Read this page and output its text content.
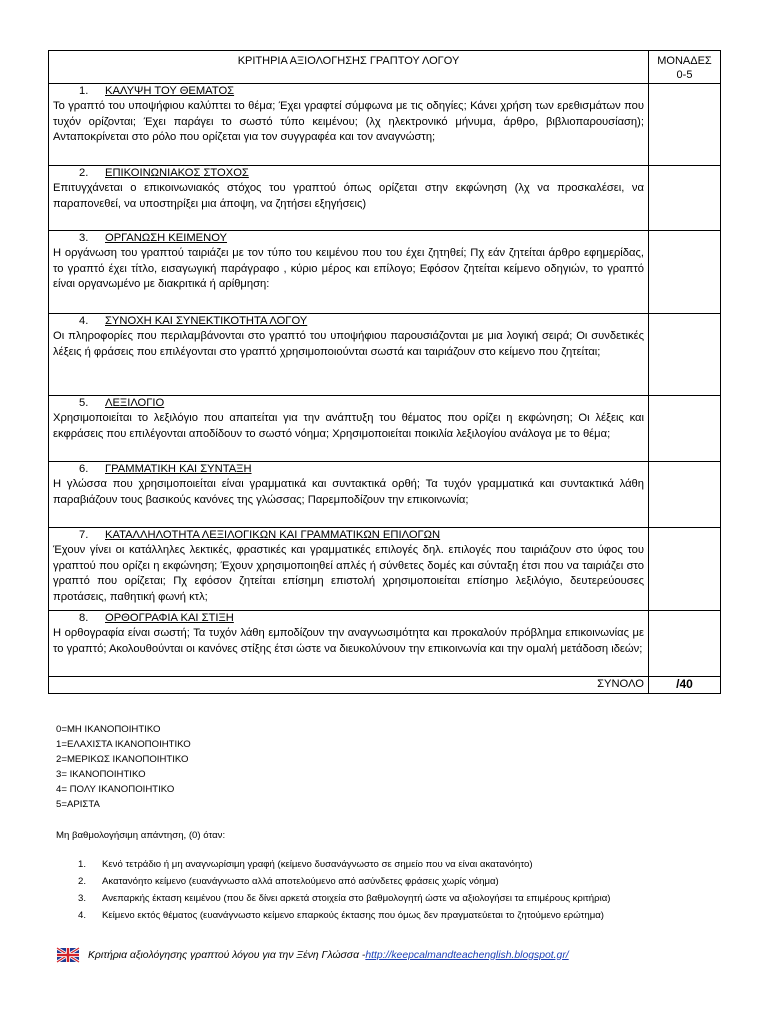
ΚΡΙΤΗΡΙΑ ΑΞΙΟΛΟΓΗΣΗΣ ΓΡΑΠΤΟΥ ΛΟΓΟΥ	ΜΟΝΑΔΕΣ
0-5

1. ΚΑΛΥΨΗ ΤΟΥ ΘΕΜΑΤΟΣ

Το γραπτό του υποψήφιου καλύπτει το θέμα; Έχει γραφτεί σύμφωνα με τις οδηγίες; Κάνει χρήση των ερεθισμάτων που τυχόν ορίζονται; Έχει παράγει το σωστό τύπο κειμένου; (λχ ηλεκτρονικό μήνυμα, άρθρο, βιβλιοπαρουσίαση); Ανταποκρίνεται στο ρόλο που ορίζεται για τον συγγραφέα και τον αναγνώστη;	

2. ΕΠΙΚΟΙΝΩΝΙΑΚΟΣ ΣΤΟΧΟΣ

Επιτυγχάνεται ο επικοινωνιακός στόχος του γραπτού όπως ορίζεται στην εκφώνηση (λχ να προσκαλέσει, να παραπονεθεί, να υποστηρίξει μια άποψη, να ζητήσει εξηγήσεις)	

3. ΟΡΓΑΝΩΣΗ ΚΕΙΜΕΝΟΥ

Η οργάνωση του γραπτού ταιριάζει με τον τύπο του κειμένου που του έχει ζητηθεί; Πχ εάν ζητείται άρθρο εφημερίδας, το γραπτό έχει τίτλο, εισαγωγική παράγραφο , κύριο μέρος και επίλογο; Εφόσον ζητείται κείμενο οδηγιών, το γραπτό είναι οργανωμένο με διακριτικά ή αρίθμηση:	

4. ΣΥΝΟΧΗ ΚΑΙ ΣΥΝΕΚΤΙΚΟΤΗΤΑ ΛΟΓΟΥ

Οι πληροφορίες που περιλαμβάνονται στο γραπτό του υποψήφιου παρουσιάζονται με μια λογική σειρά; Οι συνδετικές λέξεις ή φράσεις που επιλέγονται στο γραπτό χρησιμοποιούνται σωστά και ταιριάζουν στο κείμενο που ζητείται;	

5. ΛΕΞΙΛΟΓΙΟ

Χρησιμοποιείται το λεξιλόγιο που απαιτείται για την ανάπτυξη του θέματος που ορίζει η εκφώνηση; Οι λέξεις και εκφράσεις που επιλέγονται αποδίδουν το σωστό νόημα; Χρησιμοποιείται ποικιλία λεξιλογίου ανάλογα με το θέμα;	

6. ΓΡΑΜΜΑΤΙΚΗ ΚΑΙ ΣΥΝΤΑΞΗ

Η γλώσσα που χρησιμοποιείται είναι γραμματικά και συντακτικά ορθή; Τα τυχόν γραμματικά και συντακτικά λάθη παραβιάζουν τους βασικούς κανόνες της γλώσσας; Παρεμποδίζουν την επικοινωνία;	

7. ΚΑΤΑΛΛΗΛΟΤΗΤΑ ΛΕΞΙΛΟΓΙΚΩΝ ΚΑΙ ΓΡΑΜΜΑΤΙΚΩΝ ΕΠΙΛΟΓΩΝ

Έχουν γίνει οι κατάλληλες λεκτικές, φραστικές και γραμματικές επιλογές δηλ. επιλογές που ταιριάζουν στο ύφος του γραπτού που ορίζει η εκφώνηση; Έχουν χρησιμοποιηθεί απλές ή σύνθετες δομές και σύνταξη έτσι που να ταιριάζει στο γραπτό που ορίζεται; Πχ εφόσον ζητείται επίσημη επιστολή χρησιμοποιείται επίσημο λεξιλόγιο, δευτερεύουσες προτάσεις, παθητική φωνή κτλ;	

8. ΟΡΘΟΓΡΑΦΙΑ ΚΑΙ ΣΤΙΞΗ

Η ορθογραφία είναι σωστή; Τα τυχόν λάθη εμποδίζουν την αναγνωσιμότητα και προκαλούν πρόβλημα επικοινωνίας με το γραπτό; Ακολουθούνται οι κανόνες στίξης έτσι ώστε να διευκολύνουν την επικοινωνία και την ομαλή μετάδοση ιδεών;	

ΣΥΝΟΛΟ	/40
0=ΜΗ ΙΚΑΝΟΠΟΙΗΤΙΚΟ
1=ΕΛΑΧΙΣΤΑ ΙΚΑΝΟΠΟΙΗΤΙΚΟ
2=ΜΕΡΙΚΩΣ ΙΚΑΝΟΠΟΙΗΤΙΚΟ
3= ΙΚΑΝΟΠΟΙΗΤΙΚΟ
4= ΠΟΛΥ ΙΚΑΝΟΠΟΙΗΤΙΚΟ
5=ΑΡΙΣΤΑ
Μη βαθμολογήσιμη απάντηση, (0) όταν:
1.	Κενό τετράδιο ή μη αναγνωρίσιμη γραφή (κείμενο δυσανάγνωστο σε σημείο που να είναι ακατανόητο)
2.	Ακατανόητο κείμενο (ευανάγνωστο αλλά αποτελούμενο από ασύνδετες φράσεις χωρίς νόημα)
3.	Ανεπαρκής έκταση κειμένου (που δε δίνει αρκετά στοιχεία στο βαθμολογητή ώστε να αξιολογήσει τα επιμέρους κριτήρια)
4.	Κείμενο εκτός θέματος (ευανάγνωστο κείμενο επαρκούς έκτασης που όμως δεν πραγματεύεται το ζητούμενο ερώτημα)
Κριτήρια αξιολόγησης γραπτού λόγου για την Ξένη Γλώσσα - http://keepcalmandteachenglish.blogspot.gr/
